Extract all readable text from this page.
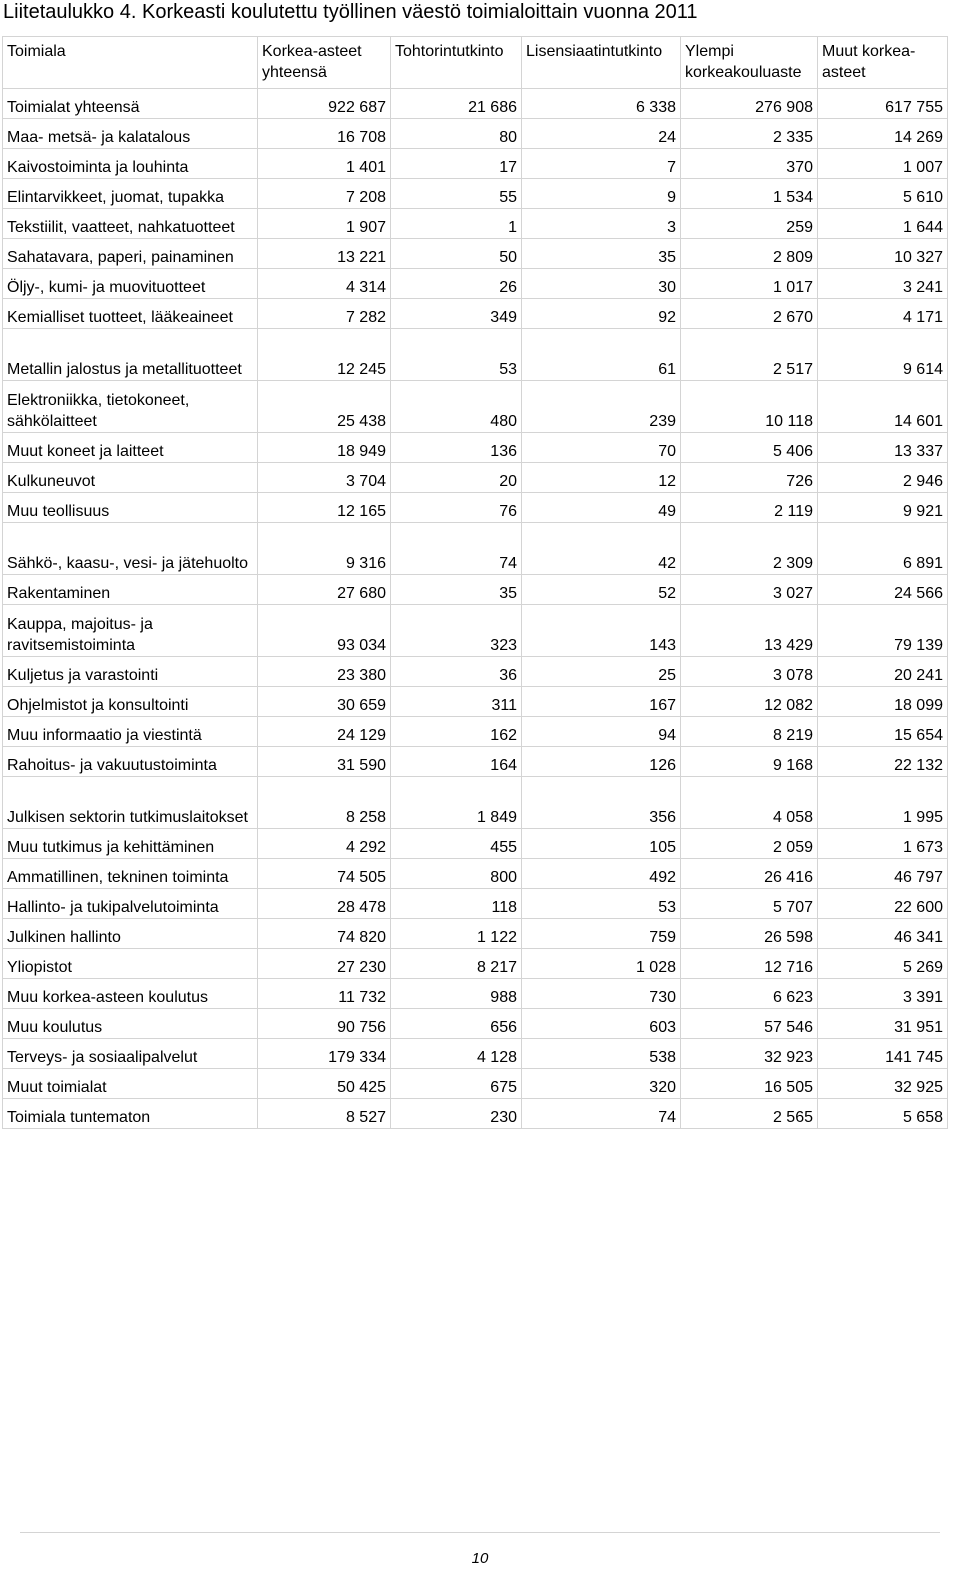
Liitetaulukko 4. Korkeasti koulutettu työllinen väestö toimialoittain vuonna 2011
Toimiala	Korkea-asteet yhteensä	Tohtorintutkinto	Lisensiaatintutkinto	Ylempi korkeakouluaste	Muut korkea-asteet
Toimialat yhteensä	922 687	21 686	6 338	276 908	617 755
Maa- metsä- ja kalatalous	16 708	80	24	2 335	14 269
Kaivostoiminta ja louhinta	1 401	17	7	370	1 007
Elintarvikkeet, juomat, tupakka	7 208	55	9	1 534	5 610
Tekstiilit, vaatteet, nahkatuotteet	1 907	1	3	259	1 644
Sahatavara, paperi, painaminen	13 221	50	35	2 809	10 327
Öljy-, kumi- ja muovituotteet	4 314	26	30	1 017	3 241
Kemialliset tuotteet, lääkeaineet	7 282	349	92	2 670	4 171
Metallin jalostus ja metallituotteet	12 245	53	61	2 517	9 614
Elektroniikka, tietokoneet, sähkölaitteet	25 438	480	239	10 118	14 601
Muut koneet ja laitteet	18 949	136	70	5 406	13 337
Kulkuneuvot	3 704	20	12	726	2 946
Muu teollisuus	12 165	76	49	2 119	9 921
Sähkö-, kaasu-, vesi- ja jätehuolto	9 316	74	42	2 309	6 891
Rakentaminen	27 680	35	52	3 027	24 566
Kauppa, majoitus- ja ravitsemistoiminta	93 034	323	143	13 429	79 139
Kuljetus ja varastointi	23 380	36	25	3 078	20 241
Ohjelmistot ja konsultointi	30 659	311	167	12 082	18 099
Muu informaatio ja viestintä	24 129	162	94	8 219	15 654
Rahoitus- ja vakuutustoiminta	31 590	164	126	9 168	22 132
Julkisen sektorin tutkimuslaitokset	8 258	1 849	356	4 058	1 995
Muu tutkimus ja kehittäminen	4 292	455	105	2 059	1 673
Ammatillinen, tekninen toiminta	74 505	800	492	26 416	46 797
Hallinto- ja tukipalvelutoiminta	28 478	118	53	5 707	22 600
Julkinen hallinto	74 820	1 122	759	26 598	46 341
Yliopistot	27 230	8 217	1 028	12 716	5 269
Muu korkea-asteen koulutus	11 732	988	730	6 623	3 391
Muu koulutus	90 756	656	603	57 546	31 951
Terveys- ja sosiaalipalvelut	179 334	4 128	538	32 923	141 745
Muut toimialat	50 425	675	320	16 505	32 925
Toimiala tuntematon	8 527	230	74	2 565	5 658
10
